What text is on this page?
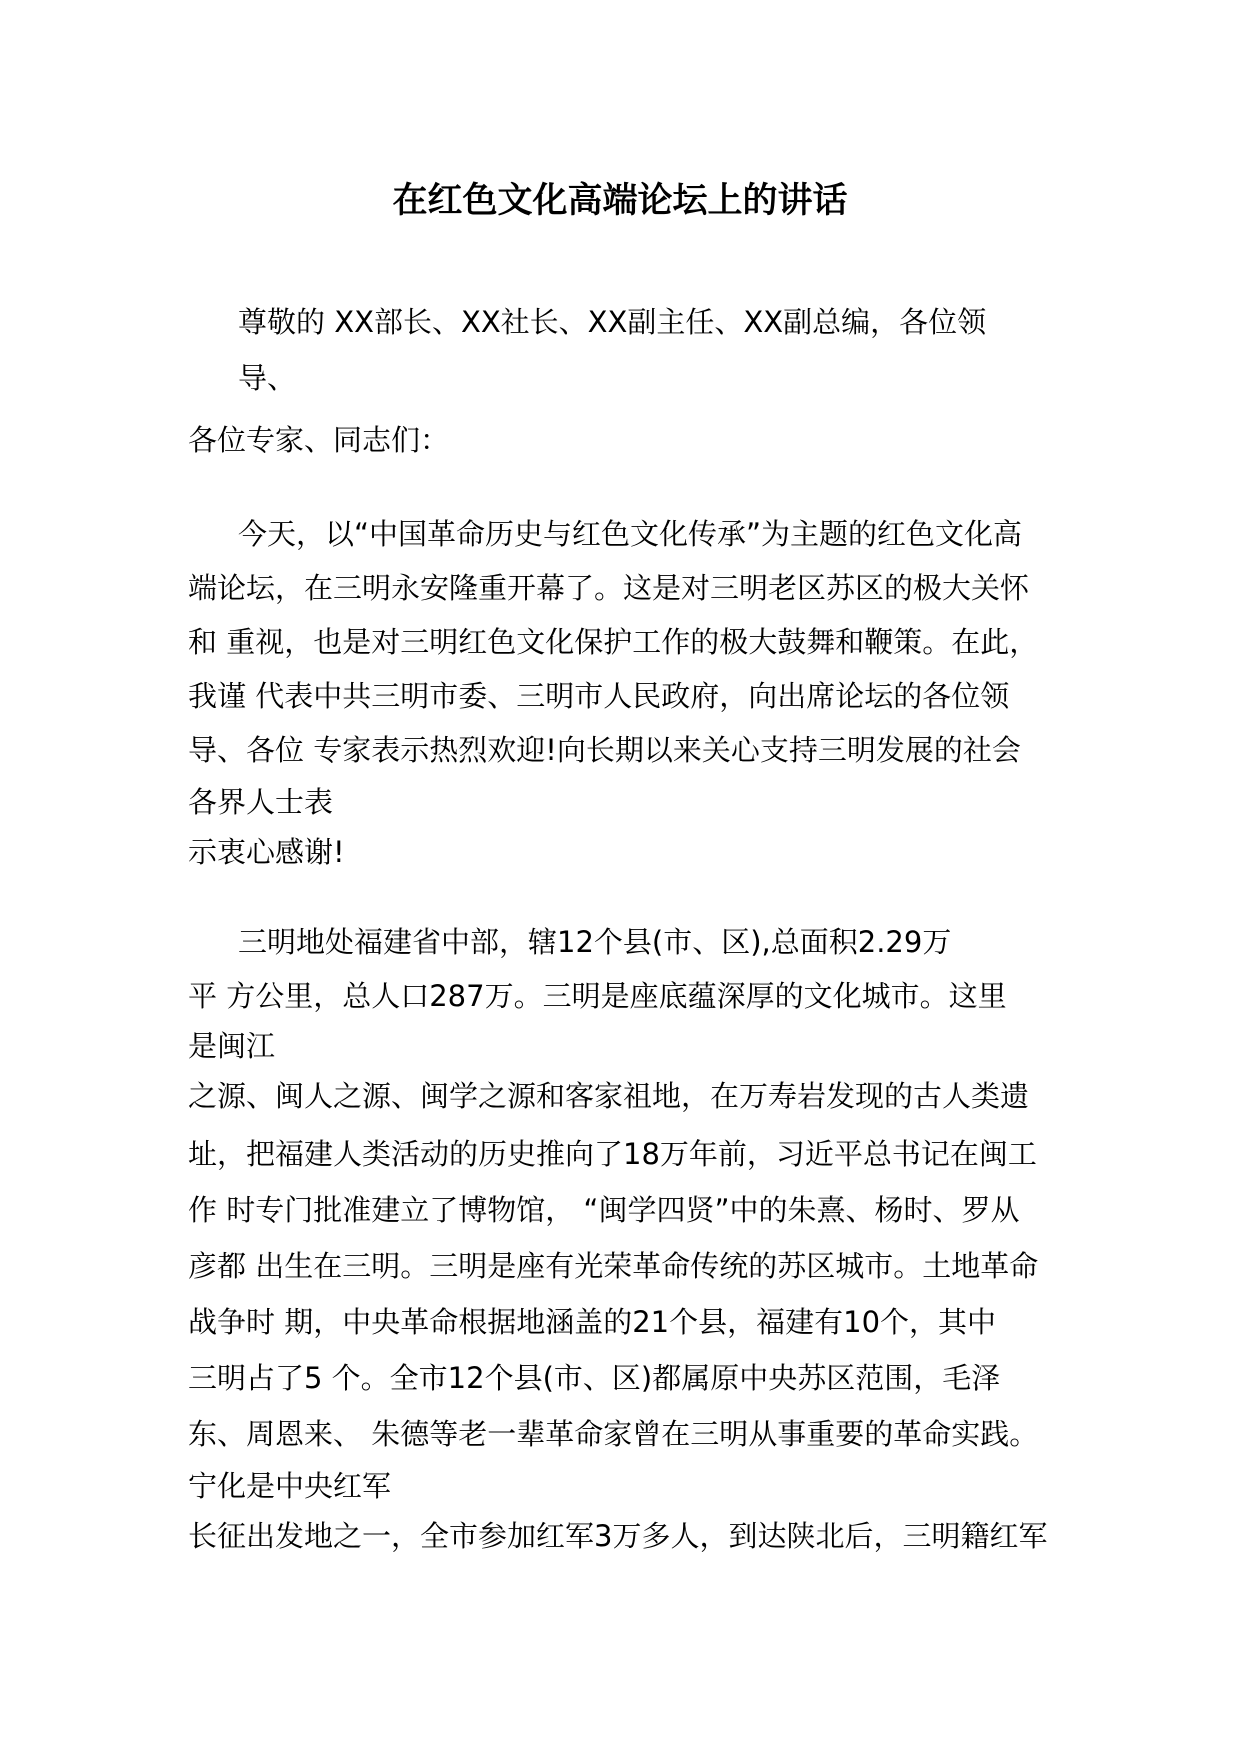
在红色文化高端论坛上的讲话
尊敬的 XX部长、XX社长、XX副主任、XX副总编，各位领
导、
各位专家、同志们：
今天，以“中国革命历史与红色文化传承”为主题的红色文化高
端论坛，在三明永安隆重开幕了。这是对三明老区苏区的极大关怀
和 重视，也是对三明红色文化保护工作的极大鼓舞和鞭策。在此，
我谨 代表中共三明市委、三明市人民政府，向出席论坛的各位领
导、各位 专家表示热烈欢迎!向长期以来关心支持三明发展的社会
各界人士表
示衷心感谢!
三明地处福建省中部，辖12个县(市、区),总面积2.29万
平 方公里，总人口287万。三明是座底蕴深厚的文化城市。这里
是闽江
之源、闽人之源、闽学之源和客家祖地，在万寿岩发现的古人类遗
址，把福建人类活动的历史推向了18万年前，习近平总书记在闽工
作 时专门批准建立了博物馆， “闽学四贤”中的朱熹、杨时、罗从
彦都 出生在三明。三明是座有光荣革命传统的苏区城市。土地革命
战争时 期，中央革命根据地涵盖的21个县，福建有10个，其中
三明占了5 个。全市12个县(市、区)都属原中央苏区范围，毛泽
东、周恩来、 朱德等老一辈革命家曾在三明从事重要的革命实践。
宁化是中央红军
长征出发地之一，全市参加红军3万多人，到达陕北后，三明籍红军
